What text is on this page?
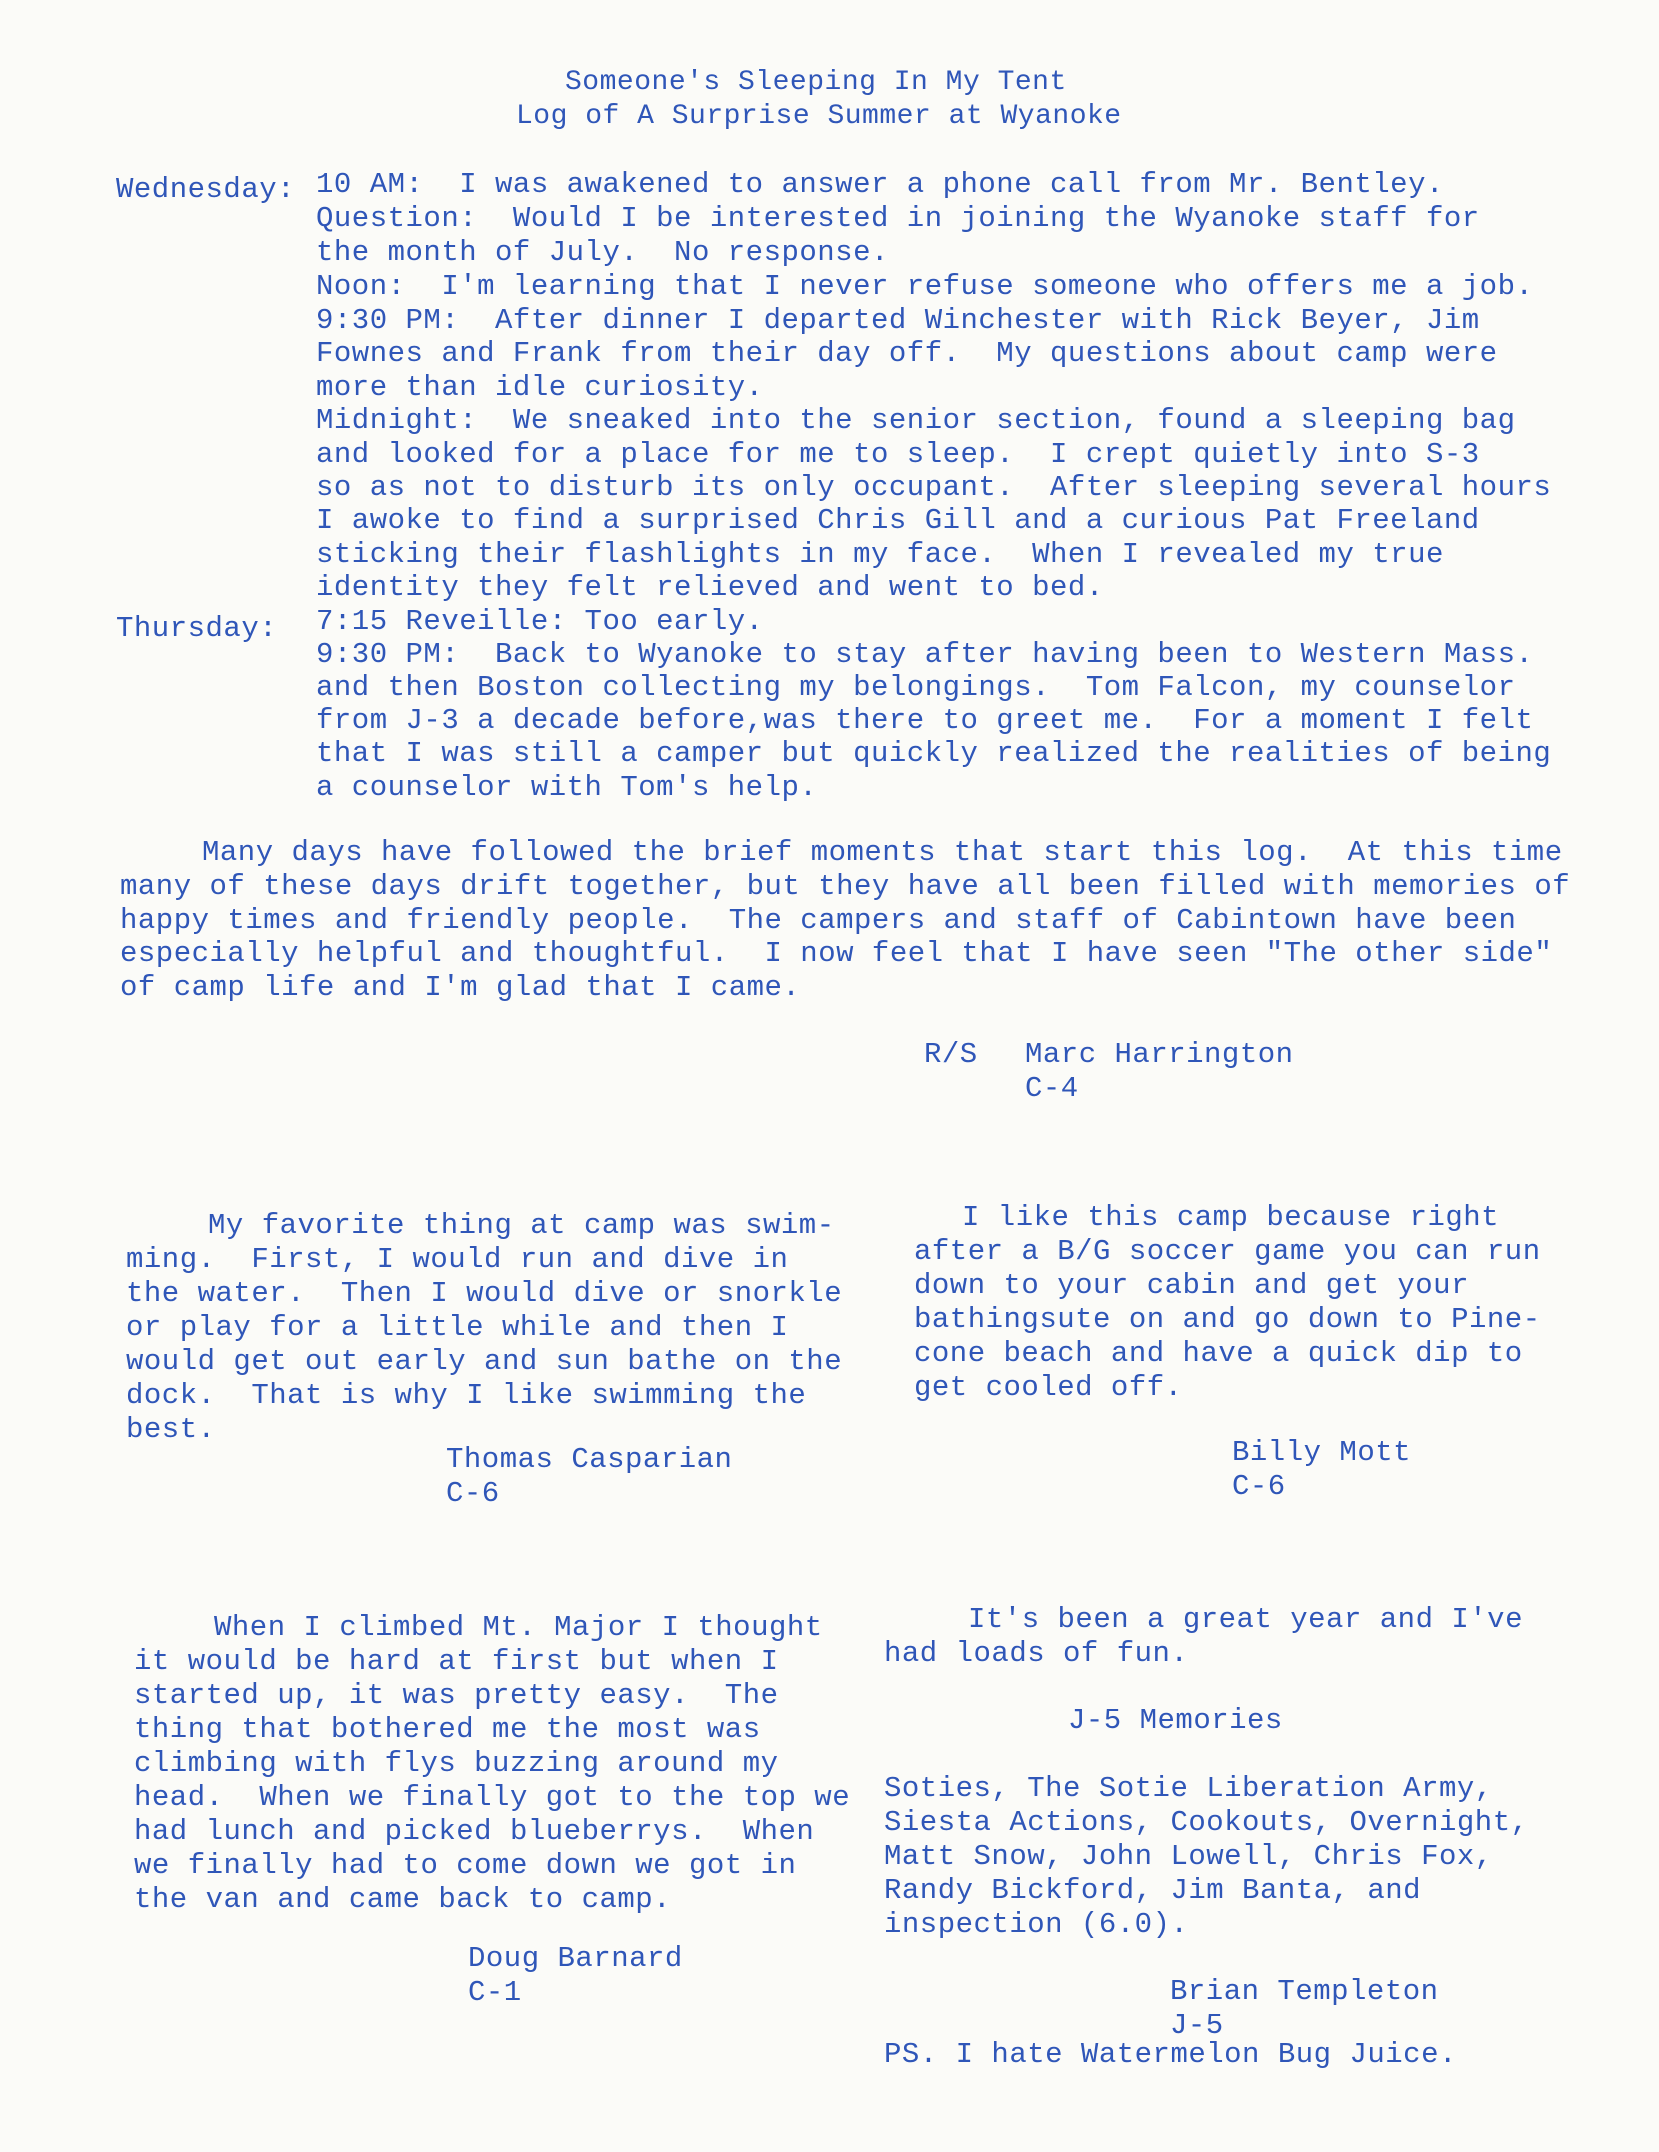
Someone's Sleeping In My Tent
Log of A Surprise Summer at Wyanoke
Wednesday:
Thursday:
10 AM:  I was awakened to answer a phone call from Mr. Bentley.
Question:  Would I be interested in joining the Wyanoke staff for
the month of July.  No response.
Noon:  I'm learning that I never refuse someone who offers me a job.
9:30 PM:  After dinner I departed Winchester with Rick Beyer, Jim
Fownes and Frank from their day off.  My questions about camp were
more than idle curiosity.
Midnight:  We sneaked into the senior section, found a sleeping bag
and looked for a place for me to sleep.  I crept quietly into S-3
so as not to disturb its only occupant.  After sleeping several hours
I awoke to find a surprised Chris Gill and a curious Pat Freeland
sticking their flashlights in my face.  When I revealed my true
identity they felt relieved and went to bed.
7:15 Reveille: Too early.
9:30 PM:  Back to Wyanoke to stay after having been to Western Mass.
and then Boston collecting my belongings.  Tom Falcon, my counselor
from J-3 a decade before,was there to greet me.  For a moment I felt
that I was still a camper but quickly realized the realities of being
a counselor with Tom's help.
Many days have followed the brief moments that start this log.  At this time
many of these days drift together, but they have all been filled with memories of
happy times and friendly people.  The campers and staff of Cabintown have been
especially helpful and thoughtful.  I now feel that I have seen "The other side"
of camp life and I'm glad that I came.
R/S Marc Harrington
C-4
My favorite thing at camp was swim-
ming.  First, I would run and dive in
the water.  Then I would dive or snorkle
or play for a little while and then I
would get out early and sun bathe on the
dock.  That is why I like swimming the
best.
Thomas Casparian
C-6
I like this camp because right
after a B/G soccer game you can run
down to your cabin and get your
bathingsute on and go down to Pine-
cone beach and have a quick dip to
get cooled off.
Billy Mott
C-6
When I climbed Mt. Major I thought
it would be hard at first but when I
started up, it was pretty easy.  The
thing that bothered me the most was
climbing with flys buzzing around my
head.  When we finally got to the top we
had lunch and picked blueberrys.  When
we finally had to come down we got in
the van and came back to camp.
Doug Barnard
C-1
It's been a great year and I've
had loads of fun.
J-5 Memories
Soties, The Sotie Liberation Army,
Siesta Actions, Cookouts, Overnight,
Matt Snow, John Lowell, Chris Fox,
Randy Bickford, Jim Banta, and
inspection (6.0).
Brian Templeton
J-5
PS. I hate Watermelon Bug Juice.
